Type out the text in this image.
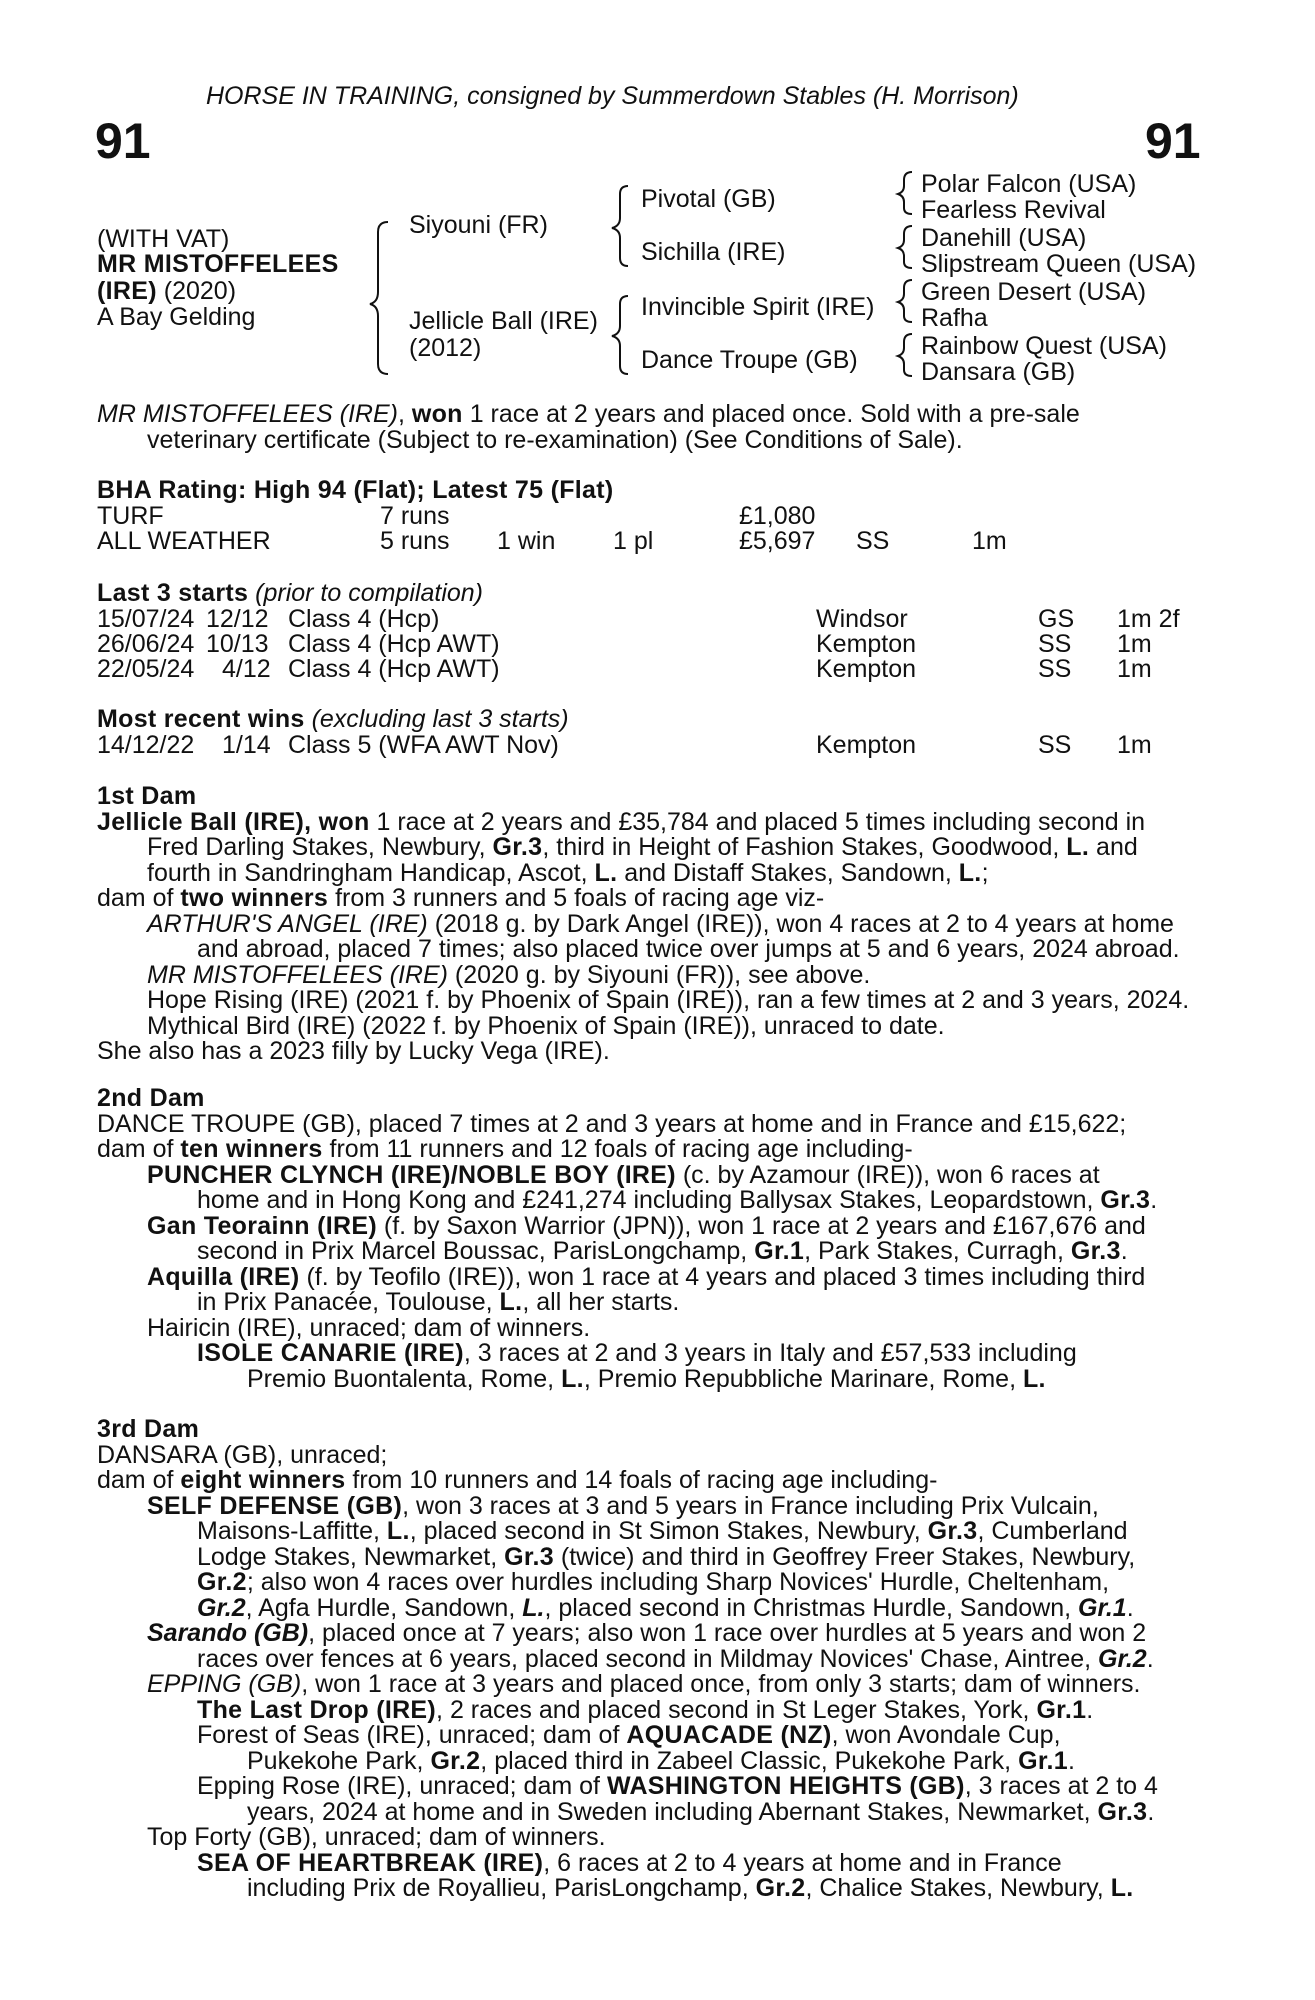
HORSE IN TRAINING, consigned by Summerdown Stables (H. Morrison)
91	91
(WITH VAT)
MR MISTOFFELEES
(IRE) (2020)
A Bay Gelding
Siyouni (FR)
Jellicle Ball (IRE)
(2012)
Pivotal (GB)
Sichilla (IRE)
Invincible Spirit (IRE)
Dance Troupe (GB)
Polar Falcon (USA)
Fearless Revival
Danehill (USA)
Slipstream Queen (USA)
Green Desert (USA)
Rafha
Rainbow Quest (USA)
Dansara (GB)

MR MISTOFFELEES (IRE), won 1 race at 2 years and placed once. Sold with a pre-sale

veterinary certificate (Subject to re-examination) (See Conditions of Sale).

BHA Rating: High 94 (Flat); Latest 75 (Flat)
TURF	7 runs	£1,080
ALL WEATHER	5 runs 1 win 1 pl	£5,697 SS	1m
Last 3 starts (prior to compilation)
15/07/24 12/12 Class 4 (Hcp)	Windsor	GS 1m 2f
26/06/24 10/13 Class 4 (Hcp AWT)	Kempton	SS 1m
22/05/24 4/12 Class 4 (Hcp AWT)	Kempton	SS 1m
Most recent wins (excluding last 3 starts)
14/12/22 1/14 Class 5 (WFA AWT Nov)	Kempton	SS 1m

1st Dam

Jellicle Ball (IRE), won 1 race at 2 years and £35,784 and placed 5 times including second in

Fred Darling Stakes, Newbury, Gr.3, third in Height of Fashion Stakes, Goodwood, L. and

fourth in Sandringham Handicap, Ascot, L. and Distaff Stakes, Sandown, L.;

dam of two winners from 3 runners and 5 foals of racing age viz-

ARTHUR'S ANGEL (IRE) (2018 g. by Dark Angel (IRE)), won 4 races at 2 to 4 years at home

and abroad, placed 7 times; also placed twice over jumps at 5 and 6 years, 2024 abroad.

MR MISTOFFELEES (IRE) (2020 g. by Siyouni (FR)), see above.

Hope Rising (IRE) (2021 f. by Phoenix of Spain (IRE)), ran a few times at 2 and 3 years, 2024.

Mythical Bird (IRE) (2022 f. by Phoenix of Spain (IRE)), unraced to date.

She also has a 2023 filly by Lucky Vega (IRE).

2nd Dam

DANCE TROUPE (GB), placed 7 times at 2 and 3 years at home and in France and £15,622;

dam of ten winners from 11 runners and 12 foals of racing age including-

PUNCHER CLYNCH (IRE)/NOBLE BOY (IRE) (c. by Azamour (IRE)), won 6 races at

home and in Hong Kong and £241,274 including Ballysax Stakes, Leopardstown, Gr.3.

Gan Teorainn (IRE) (f. by Saxon Warrior (JPN)), won 1 race at 2 years and £167,676 and

second in Prix Marcel Boussac, ParisLongchamp, Gr.1, Park Stakes, Curragh, Gr.3.

Aquilla (IRE) (f. by Teofilo (IRE)), won 1 race at 4 years and placed 3 times including third

in Prix Panacée, Toulouse, L., all her starts.

Hairicin (IRE), unraced; dam of winners.

ISOLE CANARIE (IRE), 3 races at 2 and 3 years in Italy and £57,533 including

Premio Buontalenta, Rome, L., Premio Repubbliche Marinare, Rome, L.

3rd Dam

DANSARA (GB), unraced;

dam of eight winners from 10 runners and 14 foals of racing age including-

SELF DEFENSE (GB), won 3 races at 3 and 5 years in France including Prix Vulcain,

Maisons-Laffitte, L., placed second in St Simon Stakes, Newbury, Gr.3, Cumberland

Lodge Stakes, Newmarket, Gr.3 (twice) and third in Geoffrey Freer Stakes, Newbury,

Gr.2; also won 4 races over hurdles including Sharp Novices' Hurdle, Cheltenham,

Gr.2, Agfa Hurdle, Sandown, L., placed second in Christmas Hurdle, Sandown, Gr.1.

Sarando (GB), placed once at 7 years; also won 1 race over hurdles at 5 years and won 2

races over fences at 6 years, placed second in Mildmay Novices' Chase, Aintree, Gr.2.

EPPING (GB), won 1 race at 3 years and placed once, from only 3 starts; dam of winners.

The Last Drop (IRE), 2 races and placed second in St Leger Stakes, York, Gr.1.

Forest of Seas (IRE), unraced; dam of AQUACADE (NZ), won Avondale Cup,

Pukekohe Park, Gr.2, placed third in Zabeel Classic, Pukekohe Park, Gr.1.

Epping Rose (IRE), unraced; dam of WASHINGTON HEIGHTS (GB), 3 races at 2 to 4

years, 2024 at home and in Sweden including Abernant Stakes, Newmarket, Gr.3.

Top Forty (GB), unraced; dam of winners.

SEA OF HEARTBREAK (IRE), 6 races at 2 to 4 years at home and in France

including Prix de Royallieu, ParisLongchamp, Gr.2, Chalice Stakes, Newbury, L.
